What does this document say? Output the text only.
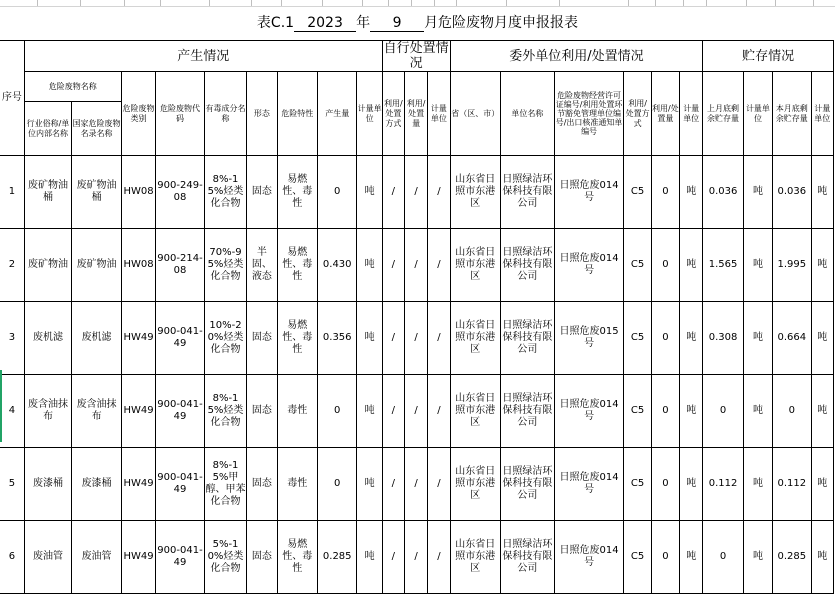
表C.1 2023 年 9 月危险废物月度申报报表
序号	产生情况									自行处置情况			委外单位利用/处置情况						贮存情况			
	危险废物名称		危险废物类别	危险废物代码	有毒成分名称	形态	危险特性	产生量	计量单位	利用/处置方式	利用/处置量	计量单位	省（区、市）	单位名称	危险废物经营许可证编号/利用处置环节豁免管理单位编号/出口核准通知单编号	利用/处置方式	利用/处置量	计量单位	上月底剩余贮存量	计量单位	本月底剩余贮存量	计量单位
	行业俗称/单位内部名称	国家危险废物名录名称																				
1	废矿物油桶	废矿物油桶	HW08	900-249-08	8%-15%烃类化合物	固态	易燃性、毒性	0	吨	/	/	/	山东省日照市东港区	日照绿洁环保科技有限公司	日照危废014号	C5	0	吨	0.036	吨	0.036	吨
2	废矿物油	废矿物油	HW08	900-214-08	70%-95%烃类化合物	半固、液态	易燃性、毒性	0.430	吨	/	/	/	山东省日照市东港区	日照绿洁环保科技有限公司	日照危废014号	C5	0	吨	1.565	吨	1.995	吨
3	废机滤	废机滤	HW49	900-041-49	10%-20%烃类化合物	固态	易燃性、毒性	0.356	吨	/	/	/	山东省日照市东港区	日照绿洁环保科技有限公司	日照危废015号	C5	0	吨	0.308	吨	0.664	吨
4	废含油抹布	废含油抹布	HW49	900-041-49	8%-15%烃类化合物	固态	毒性	0	吨	/	/	/	山东省日照市东港区	日照绿洁环保科技有限公司	日照危废014号	C5	0	吨	0	吨	0	吨
5	废漆桶	废漆桶	HW49	900-041-49	8%-15%甲醇、甲苯化合物	固态	毒性	0	吨	/	/	/	山东省日照市东港区	日照绿洁环保科技有限公司	日照危废014号	C5	0	吨	0.112	吨	0.112	吨
6	废油管	废油管	HW49	900-041-49	5%-10%烃类化合物	固态	易燃性、毒性	0.285	吨	/	/	/	山东省日照市东港区	日照绿洁环保科技有限公司	日照危废014号	C5	0	吨	0	吨	0.285	吨
